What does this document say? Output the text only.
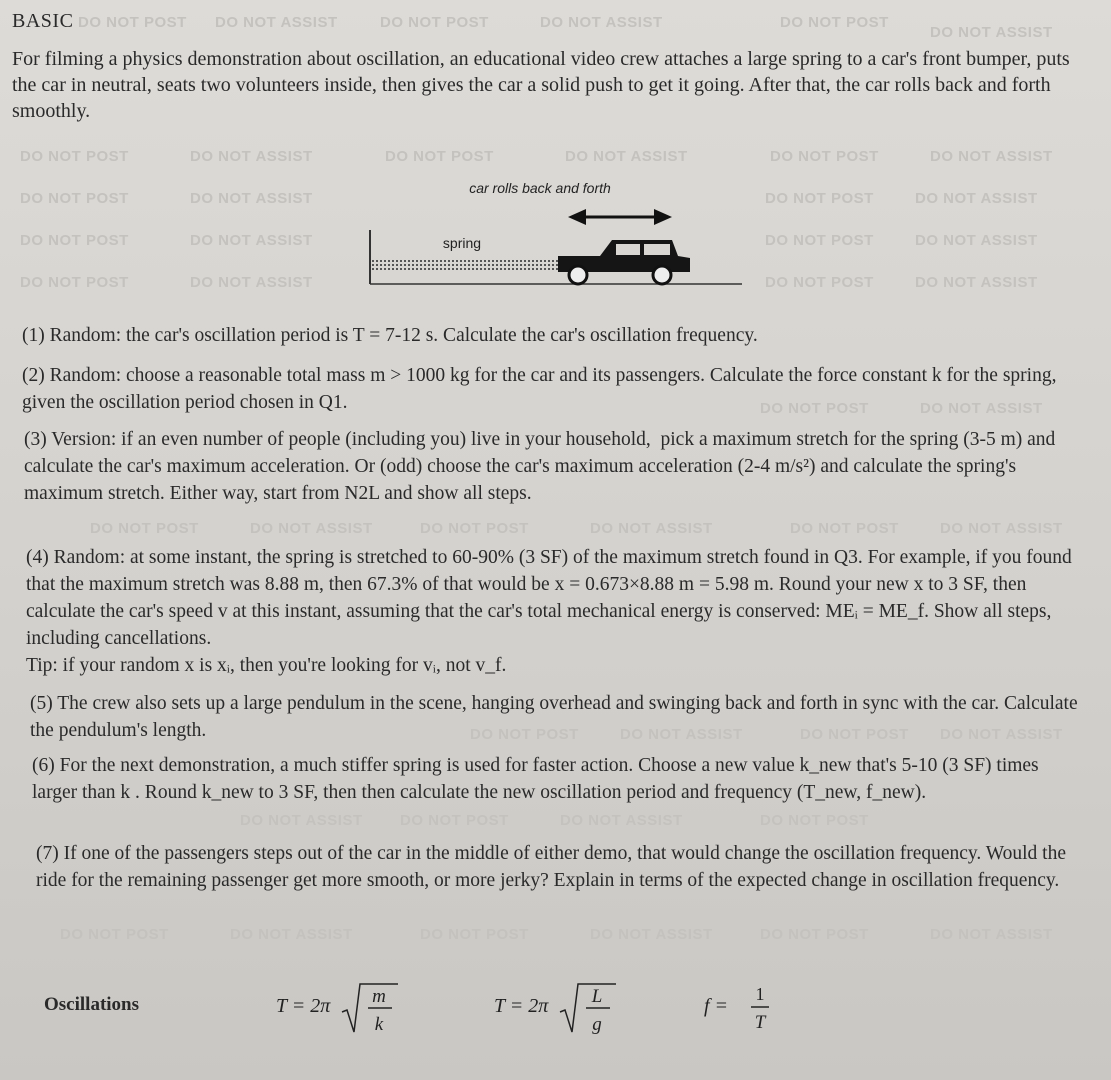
DO NOT POST DO NOT ASSIST	DO NOT POST	DO NOT ASSIST	DO NOT POST
DO NOT ASSIST
DO NOT POST	DO NOT ASSIST	DO NOT POST	DO NOT ASSIST	DO NOT POST	DO NOT ASSIST
DO NOT POST	DO NOT ASSIST	DO NOT POST	DO NOT ASSIST
DO NOT POST	DO NOT ASSIST	DO NOT POST	DO NOT ASSIST
DO NOT POST	DO NOT ASSIST	DO NOT POST	DO NOT ASSIST
DO NOT POST	DO NOT ASSIST
DO NOT POST	DO NOT ASSIST	DO NOT POST	DO NOT ASSIST	DO NOT POST	DO NOT ASSIST
DO NOT POST	DO NOT ASSIST	DO NOT POST DO NOT ASSIST
DO NOT ASSIST DO NOT POST	DO NOT ASSIST	DO NOT POST
DO NOT POST	DO NOT ASSIST	DO NOT POST	DO NOT ASSIST	DO NOT POST	DO NOT ASSIST
BASIC
For filming a physics demonstration about oscillation, an educational video crew attaches a large spring to a car's front bumper, puts the car in neutral, seats two volunteers inside, then gives the car a solid push to get it going. After that, the car rolls back and forth smoothly.
car rolls back and forth
spring
(1) Random: the car's oscillation period is T = 7-12 s. Calculate the car's oscillation frequency.
(2) Random: choose a reasonable total mass m > 1000 kg for the car and its passengers. Calculate the force constant k for the spring, given the oscillation period chosen in Q1.
(3) Version: if an even number of people (including you) live in your household,  pick a maximum stretch for the spring (3-5 m) and calculate the car's maximum acceleration. Or (odd) choose the car's maximum acceleration (2-4 m/s²) and calculate the spring's maximum stretch. Either way, start from N2L and show all steps.
(4) Random: at some instant, the spring is stretched to 60-90% (3 SF) of the maximum stretch found in Q3. For example, if you found that the maximum stretch was 8.88 m, then 67.3% of that would be x = 0.673×8.88 m = 5.98 m. Round your new x to 3 SF, then calculate the car's speed v at this instant, assuming that the car's total mechanical energy is conserved: MEᵢ = ME_f. Show all steps, including cancellations.
Tip: if your random x is xᵢ, then you're looking for vᵢ, not v_f.
(5) The crew also sets up a large pendulum in the scene, hanging overhead and swinging back and forth in sync with the car. Calculate the pendulum's length.
(6) For the next demonstration, a much stiffer spring is used for faster action. Choose a new value k_new that's 5-10 (3 SF) times larger than k . Round k_new to 3 SF, then then calculate the new oscillation period and frequency (T_new, f_new).
(7) If one of the passengers steps out of the car in the middle of either demo, that would change the oscillation frequency. Would the ride for the remaining passenger get more smooth, or more jerky? Explain in terms of the expected change in oscillation frequency.
Oscillations	T = 2π m
k
T = 2π L
g
f =
1
T
